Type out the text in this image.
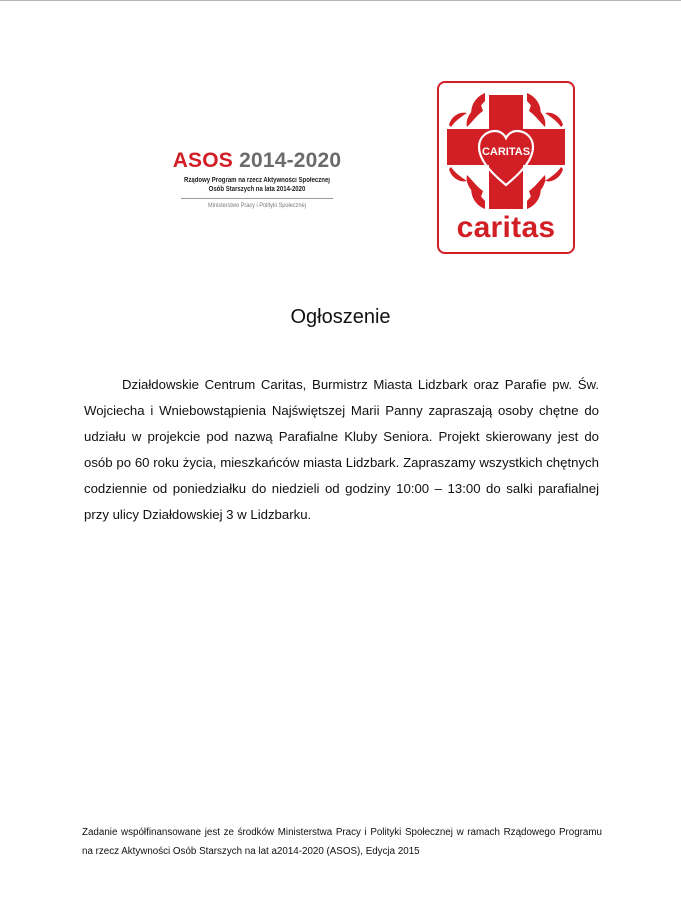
ASOS 2014-2020
Rządowy Program na rzecz Aktywności Społecznej
Osób Starszych na lata 2014-2020
Ministerstwo Pracy i Polityki Społecznej
CARITAS
caritas
Ogłoszenie

Działdowskie Centrum Caritas, Burmistrz Miasta Lidzbark oraz Parafie pw. Św. Wojciecha i Wniebowstąpienia Najświętszej Marii Panny zapraszają osoby chętne do udziału w projekcie pod nazwą Parafialne Kluby Seniora. Projekt skierowany jest do osób po 60 roku życia, mieszkańców miasta Lidzbark. Zapraszamy wszystkich chętnych codziennie od poniedziałku do niedzieli od godziny 10:00 – 13:00 do salki parafialnej przy ulicy Działdowskiej 3 w Lidzbarku.

Zadanie współfinansowane jest ze środków Ministerstwa Pracy i Polityki Społecznej w ramach Rządowego Programu na rzecz Aktywności Osób Starszych na lat a2014-2020 (ASOS), Edycja 2015
